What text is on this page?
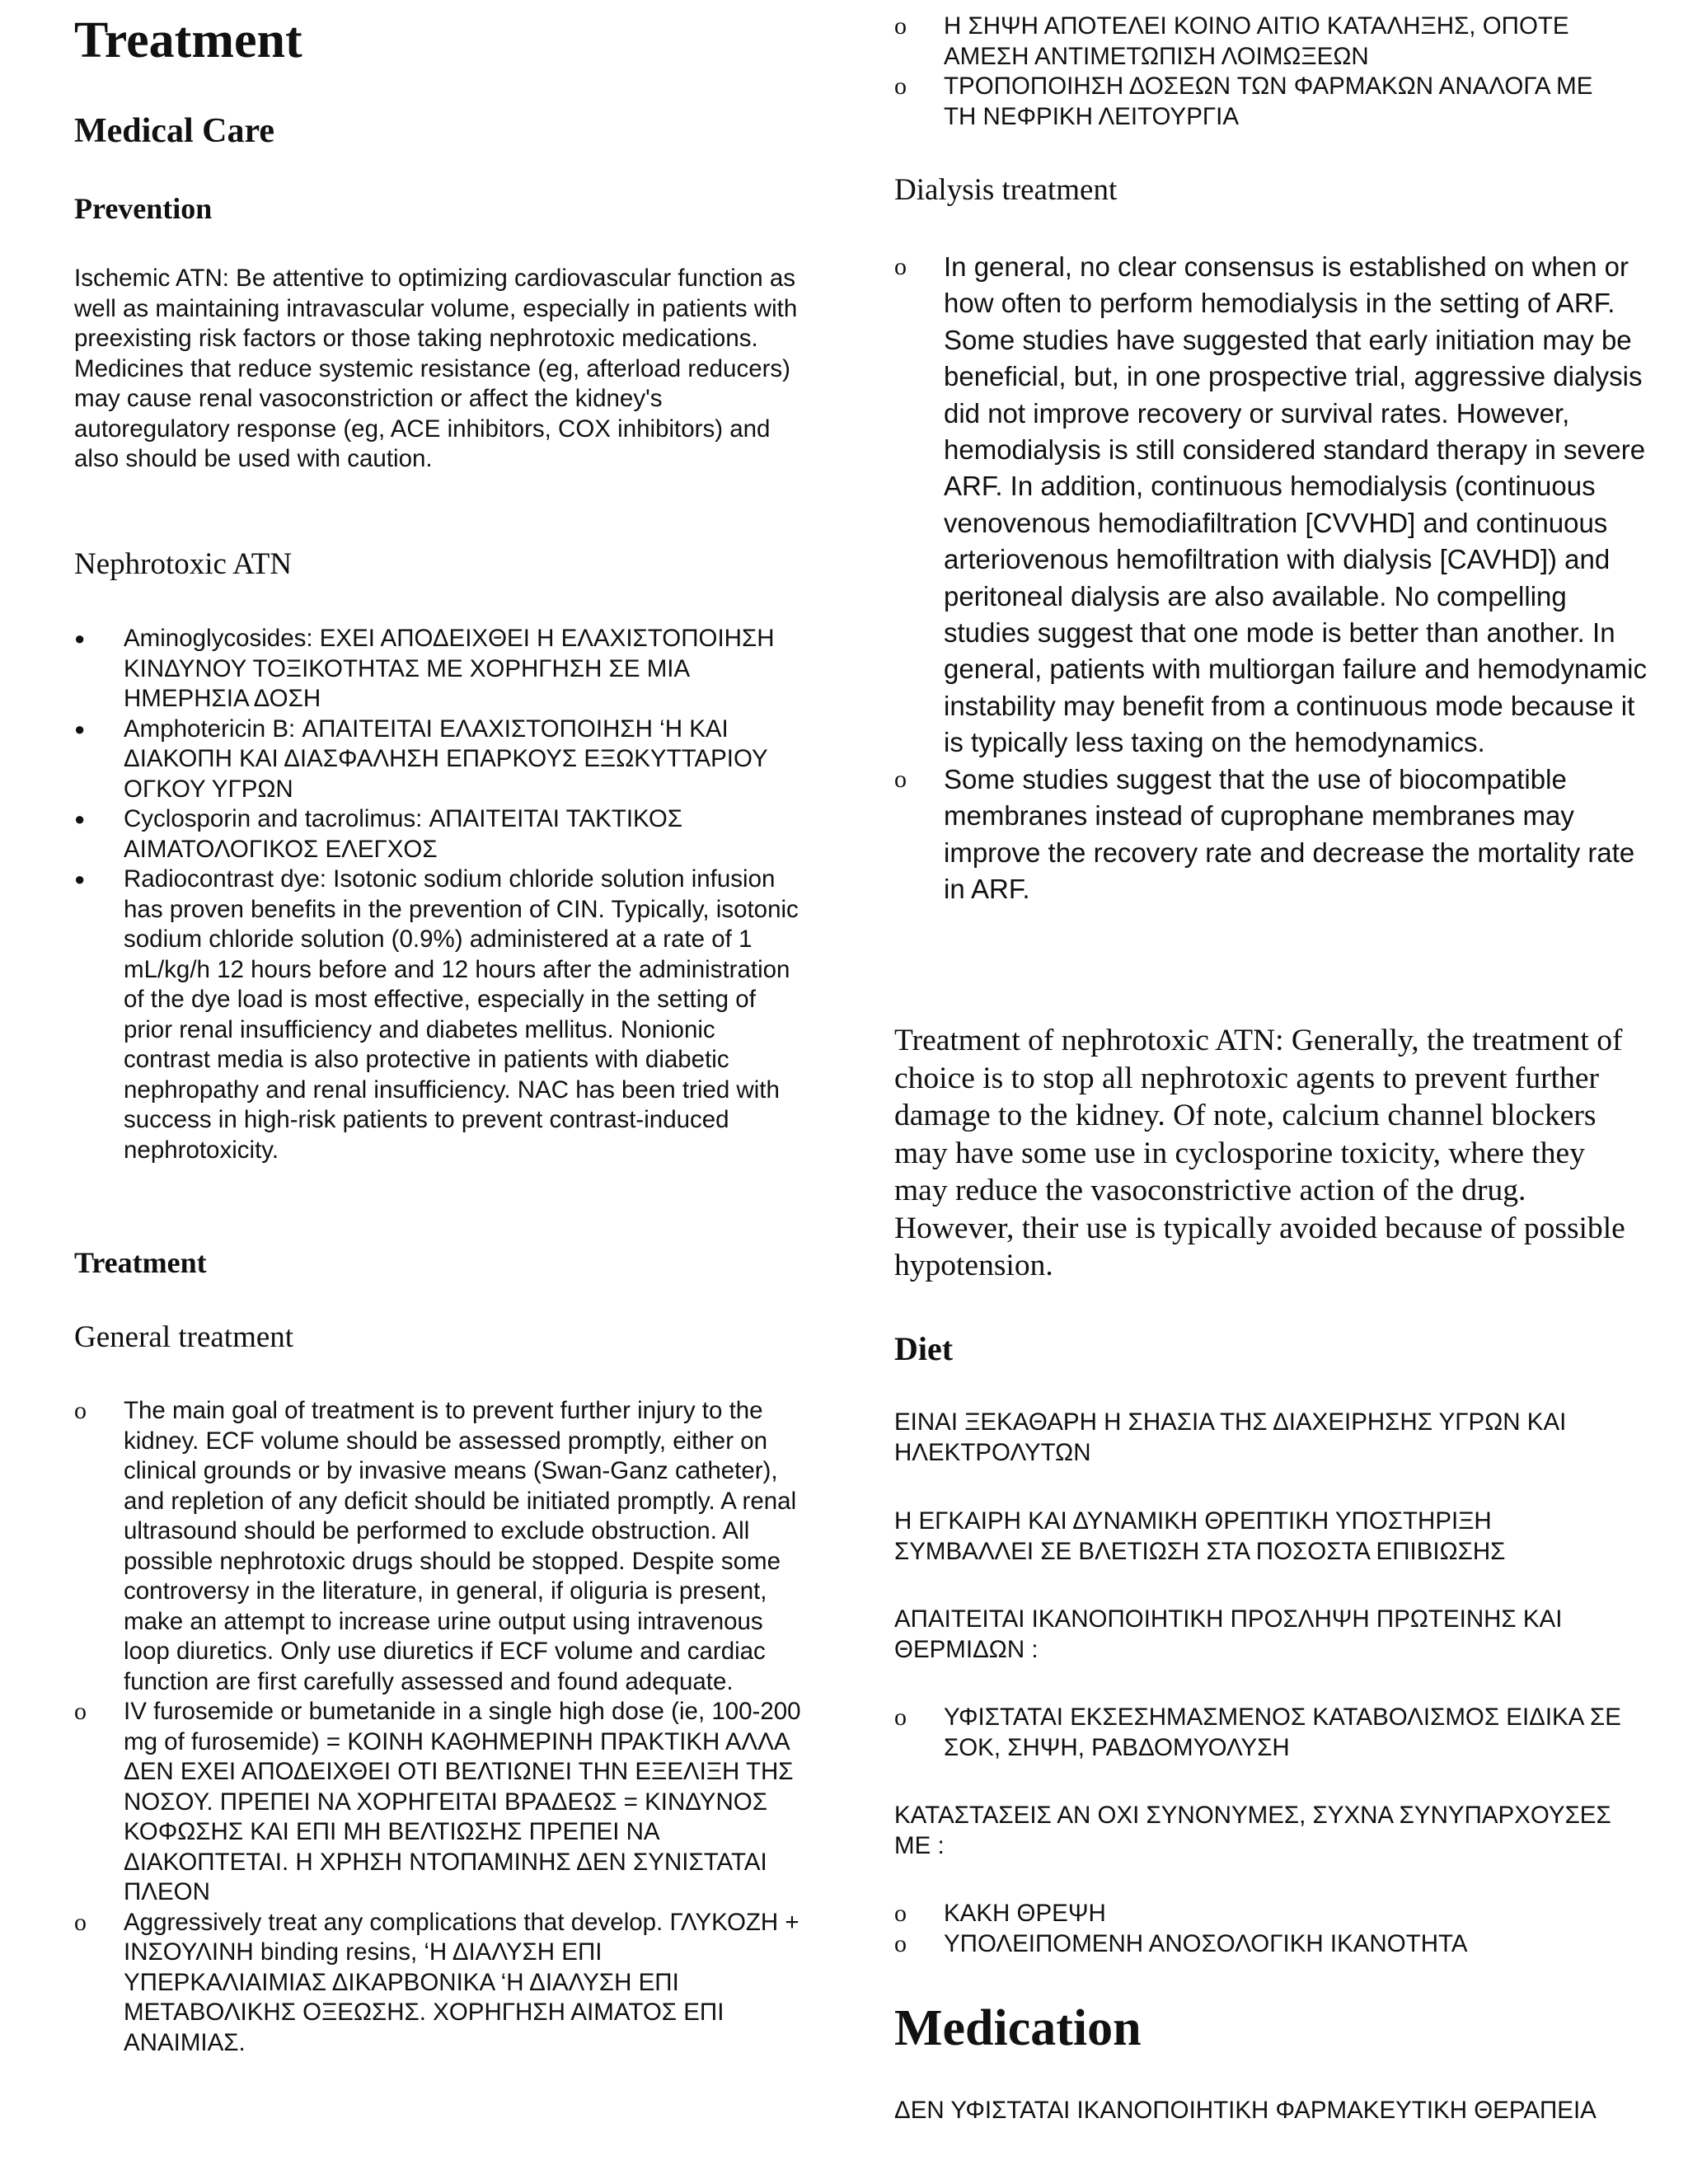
Treatment
Medical Care
Prevention

Ischemic ATN: Be attentive to optimizing cardiovascular function as well as maintaining intravascular volume, especially in patients with preexisting risk factors or those taking nephrotoxic medications. Medicines that reduce systemic resistance (eg, afterload reducers) may cause renal vasoconstriction or affect the kidney's autoregulatory response (eg, ACE inhibitors, COX inhibitors) and also should be used with caution.

Nephrotoxic ATN
● Aminoglycosides: ΕΧΕΙ ΑΠΟΔΕΙΧΘΕΙ Η ΕΛΑΧΙΣΤΟΠΟΙΗΣΗ ΚΙΝΔΥΝΟΥ ΤΟΞΙΚΟΤΗΤΑΣ ΜΕ ΧΟΡΗΓΗΣΗ ΣΕ ΜΙΑ ΗΜΕΡΗΣΙΑ ΔΟΣΗ
● Amphotericin B: ΑΠΑΙΤΕΙΤΑΙ ΕΛΑΧΙΣΤΟΠΟΙΗΣΗ ‘Η ΚΑΙ ΔΙΑΚΟΠΗ ΚΑΙ ΔΙΑΣΦΑΛΗΣΗ ΕΠΑΡΚΟΥΣ ΕΞΩΚΥΤΤΑΡΙΟΥ ΟΓΚΟΥ ΥΓΡΩΝ
● Cyclosporin and tacrolimus: ΑΠΑΙΤΕΙΤΑΙ ΤΑΚΤΙΚΟΣ ΑΙΜΑΤΟΛΟΓΙΚΟΣ ΕΛΕΓΧΟΣ
● Radiocontrast dye: Isotonic sodium chloride solution infusion has proven benefits in the prevention of CIN. Typically, isotonic sodium chloride solution (0.9%) administered at a rate of 1 mL/kg/h 12 hours before and 12 hours after the administration of the dye load is most effective, especially in the setting of prior renal insufficiency and diabetes mellitus. Nonionic contrast media is also protective in patients with diabetic nephropathy and renal insufficiency. NAC has been tried with success in high-risk patients to prevent contrast-induced nephrotoxicity.
Treatment
General treatment
o The main goal of treatment is to prevent further injury to the kidney. ECF volume should be assessed promptly, either on clinical grounds or by invasive means (Swan-Ganz catheter), and repletion of any deficit should be initiated promptly. A renal ultrasound should be performed to exclude obstruction. All possible nephrotoxic drugs should be stopped. Despite some controversy in the literature, in general, if oliguria is present, make an attempt to increase urine output using intravenous loop diuretics. Only use diuretics if ECF volume and cardiac function are first carefully assessed and found adequate.
o IV furosemide or bumetanide in a single high dose (ie, 100-200 mg of furosemide) = ΚΟΙΝΗ ΚΑΘΗΜΕΡΙΝΗ ΠΡΑΚΤΙΚΗ ΑΛΛΑ ΔΕΝ ΕΧΕΙ ΑΠΟΔΕΙΧΘΕΙ ΟΤΙ ΒΕΛΤΙΩΝΕΙ ΤΗΝ ΕΞΕΛΙΞΗ ΤΗΣ ΝΟΣΟΥ. ΠΡΕΠΕΙ ΝΑ ΧΟΡΗΓΕΙΤΑΙ ΒΡΑΔΕΩΣ = ΚΙΝΔΥΝΟΣ ΚΟΦΩΣΗΣ ΚΑΙ ΕΠΙ ΜΗ ΒΕΛΤΙΩΣΗΣ ΠΡΕΠΕΙ ΝΑ ΔΙΑΚΟΠΤΕΤΑΙ. Η ΧΡΗΣΗ ΝΤΟΠΑΜΙΝΗΣ ΔΕΝ ΣΥΝΙΣΤΑΤΑΙ ΠΛΕΟΝ
o Aggressively treat any complications that develop. ΓΛΥΚΟΖΗ + ΙΝΣΟΥΛΙΝΗ binding resins, ‘Η ΔΙΑΛΥΣΗ ΕΠΙ ΥΠΕΡΚΑΛΙΑΙΜΙΑΣ ΔΙΚΑΡΒΟΝΙΚΑ ‘Η ΔΙΑΛΥΣΗ ΕΠΙ ΜΕΤΑΒΟΛΙΚΗΣ ΟΞΕΩΣΗΣ. ΧΟΡΗΓΗΣΗ ΑΙΜΑΤΟΣ ΕΠΙ ΑΝΑΙΜΙΑΣ.
o Η ΣΗΨΗ ΑΠΟΤΕΛΕΙ ΚΟΙΝΟ ΑΙΤΙΟ ΚΑΤΑΛΗΞΗΣ, ΟΠΟΤΕ ΑΜΕΣΗ ΑΝΤΙΜΕΤΩΠΙΣΗ ΛΟΙΜΩΞΕΩΝ
o ΤΡΟΠΟΠΟΙΗΣΗ ΔΟΣΕΩΝ ΤΩΝ ΦΑΡΜΑΚΩΝ ΑΝΑΛΟΓΑ ΜΕ ΤΗ ΝΕΦΡΙΚΗ ΛΕΙΤΟΥΡΓΙΑ
Dialysis treatment
o In general, no clear consensus is established on when or how often to perform hemodialysis in the setting of ARF. Some studies have suggested that early initiation may be beneficial, but, in one prospective trial, aggressive dialysis did not improve recovery or survival rates. However, hemodialysis is still considered standard therapy in severe ARF. In addition, continuous hemodialysis (continuous venovenous hemodiafiltration [CVVHD] and continuous arteriovenous hemofiltration with dialysis [CAVHD]) and peritoneal dialysis are also available. No compelling studies suggest that one mode is better than another. In general, patients with multiorgan failure and hemodynamic instability may benefit from a continuous mode because it is typically less taxing on the hemodynamics.
o Some studies suggest that the use of biocompatible membranes instead of cuprophane membranes may improve the recovery rate and decrease the mortality rate in ARF.

Treatment of nephrotoxic ATN: Generally, the treatment of choice is to stop all nephrotoxic agents to prevent further damage to the kidney. Of note, calcium channel blockers may have some use in cyclosporine toxicity, where they may reduce the vasoconstrictive action of the drug. However, their use is typically avoided because of possible hypotension.

Diet

ΕΙΝΑΙ ΞΕΚΑΘΑΡΗ Η ΣΗΑΣΙΑ ΤΗΣ ΔΙΑΧΕΙΡΗΣΗΣ ΥΓΡΩΝ ΚΑΙ ΗΛΕΚΤΡΟΛΥΤΩΝ

Η ΕΓΚΑΙΡΗ ΚΑΙ ΔΥΝΑΜΙΚΗ ΘΡΕΠΤΙΚΗ ΥΠΟΣΤΗΡΙΞΗ ΣΥΜΒΑΛΛΕΙ ΣΕ ΒΛΕΤΙΩΣΗ ΣΤΑ ΠΟΣΟΣΤΑ ΕΠΙΒΙΩΣΗΣ

ΑΠΑΙΤΕΙΤΑΙ ΙΚΑΝΟΠΟΙΗΤΙΚΗ ΠΡΟΣΛΗΨΗ ΠΡΩΤΕΙΝΗΣ ΚΑΙ ΘΕΡΜΙΔΩΝ :

o ΥΦΙΣΤΑΤΑΙ ΕΚΣΕΣΗΜΑΣΜΕΝΟΣ ΚΑΤΑΒΟΛΙΣΜΟΣ ΕΙΔΙΚΑ ΣΕ ΣΟΚ, ΣΗΨΗ, ΡΑΒΔΟΜΥΟΛΥΣΗ

ΚΑΤΑΣΤΑΣΕΙΣ ΑΝ ΟΧΙ ΣΥΝΟΝΥΜΕΣ, ΣΥΧΝΑ ΣΥΝΥΠΑΡΧΟΥΣΕΣ ΜΕ :

o ΚΑΚΗ ΘΡΕΨΗ
o ΥΠΟΛΕΙΠΟΜΕΝΗ ΑΝΟΣΟΛΟΓΙΚΗ ΙΚΑΝΟΤΗΤΑ
Medication

ΔΕΝ ΥΦΙΣΤΑΤΑΙ ΙΚΑΝΟΠΟΙΗΤΙΚΗ ΦΑΡΜΑΚΕΥΤΙΚΗ ΘΕΡΑΠΕΙΑ
